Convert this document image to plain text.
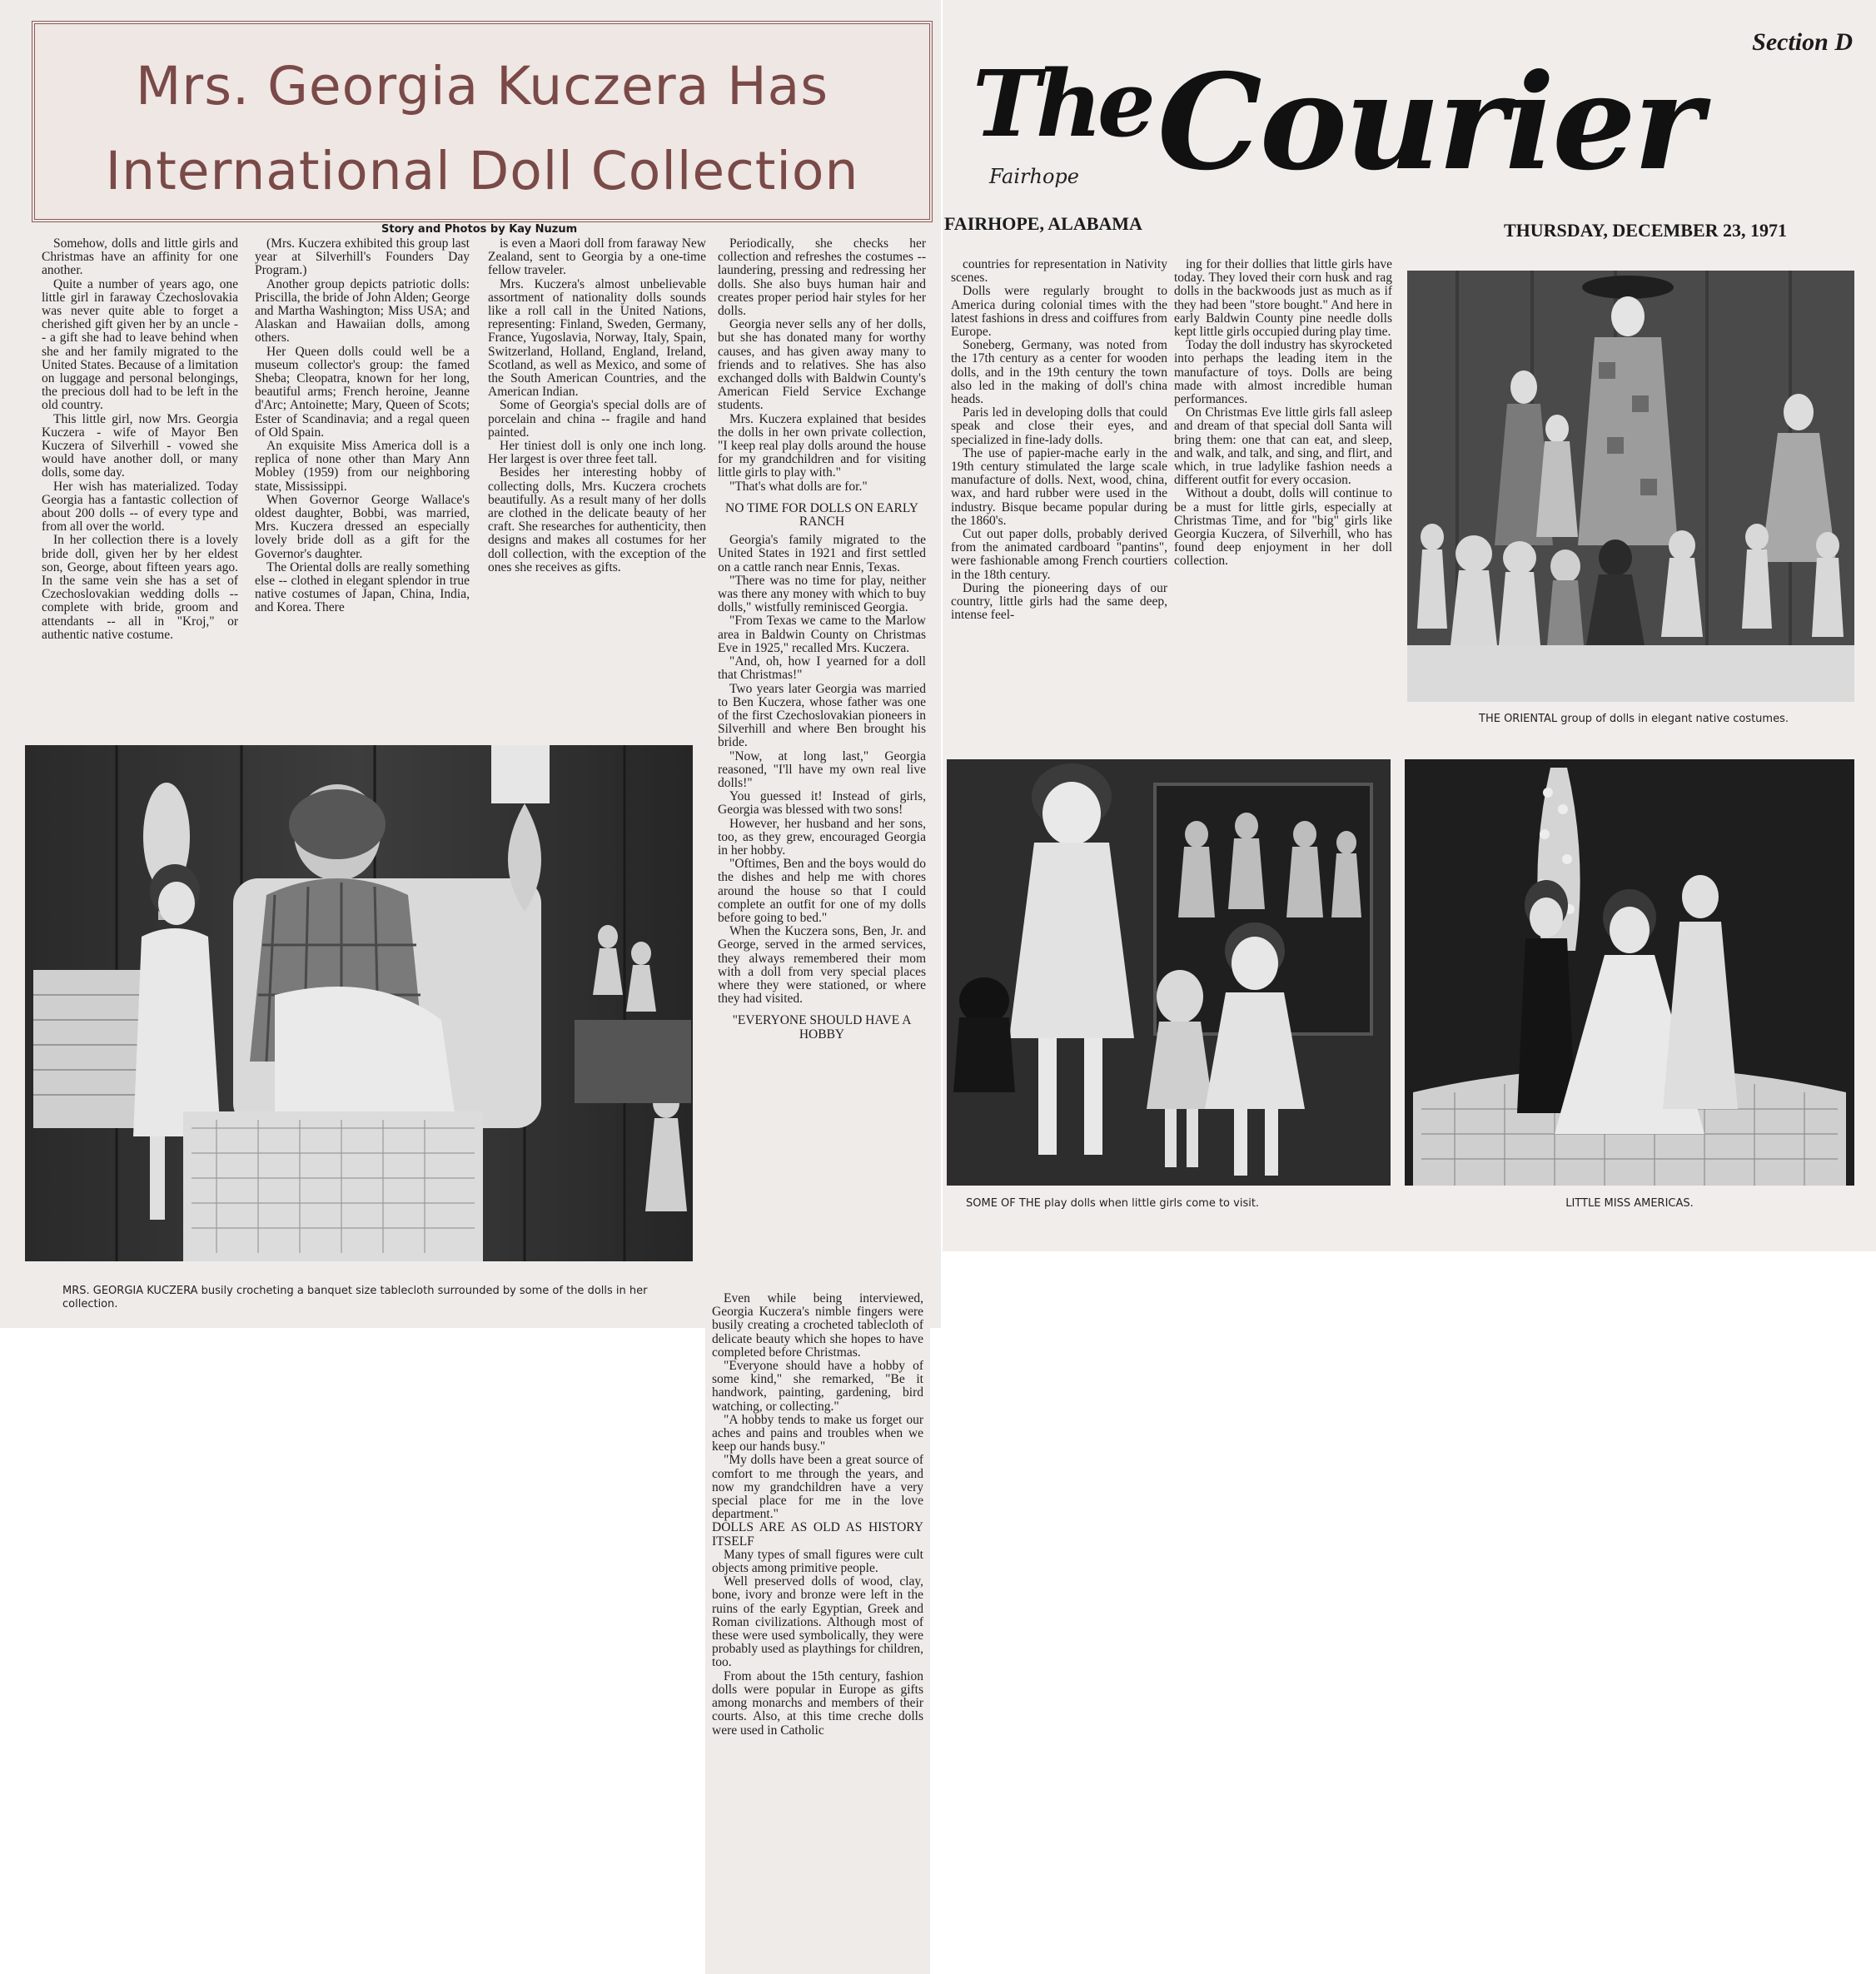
Mrs. Georgia Kuczera Has
International Doll Collection
Story and Photos by Kay Nuzum

Somehow, dolls and little girls and Christmas have an affinity for one another.

Quite a number of years ago, one little girl in faraway Czechoslovakia was never quite able to forget a cherished gift given her by an uncle -- a gift she had to leave behind when she and her family migrated to the United States. Because of a limitation on luggage and personal belongings, the precious doll had to be left in the old country.

This little girl, now Mrs. Georgia Kuczera - wife of Mayor Ben Kuczera of Silverhill - vowed she would have another doll, or many dolls, some day.

Her wish has materialized. Today Georgia has a fantastic collection of about 200 dolls -- of every type and from all over the world.

In her collection there is a lovely bride doll, given her by her eldest son, George, about fifteen years ago. In the same vein she has a set of Czechoslovakian wedding dolls -- complete with bride, groom and attendants -- all in "Kroj," or authentic native costume.

(Mrs. Kuczera exhibited this group last year at Silverhill's Founders Day Program.)

Another group depicts patriotic dolls: Priscilla, the bride of John Alden; George and Martha Washington; Miss USA; and Alaskan and Hawaiian dolls, among others.

Her Queen dolls could well be a museum collector's group: the famed Sheba; Cleopatra, known for her long, beautiful arms; French heroine, Jeanne d'Arc; Antoinette; Mary, Queen of Scots; Ester of Scandinavia; and a regal queen of Old Spain.

An exquisite Miss America doll is a replica of none other than Mary Ann Mobley (1959) from our neighboring state, Mississippi.

When Governor George Wallace's oldest daughter, Bobbi, was married, Mrs. Kuczera dressed an especially lovely bride doll as a gift for the Governor's daughter.

The Oriental dolls are really something else -- clothed in elegant splendor in true native costumes of Japan, China, India, and Korea. There

is even a Maori doll from faraway New Zealand, sent to Georgia by a one-time fellow traveler.

Mrs. Kuczera's almost unbelievable assortment of nationality dolls sounds like a roll call in the United Nations, representing: Finland, Sweden, Germany, France, Yugoslavia, Norway, Italy, Spain, Switzerland, Holland, England, Ireland, Scotland, as well as Mexico, and some of the South American Countries, and the American Indian.

Some of Georgia's special dolls are of porcelain and china -- fragile and hand painted.

Her tiniest doll is only one inch long. Her largest is over three feet tall.

Besides her interesting hobby of collecting dolls, Mrs. Kuczera crochets beautifully. As a result many of her dolls are clothed in the delicate beauty of her craft. She researches for authenticity, then designs and makes all costumes for her doll collection, with the exception of the ones she receives as gifts.

Periodically, she checks her collection and refreshes the costumes -- laundering, pressing and redressing her dolls. She also buys human hair and creates proper period hair styles for her dolls.

Georgia never sells any of her dolls, but she has donated many for worthy causes, and has given away many to friends and to relatives. She has also exchanged dolls with Baldwin County's American Field Service Exchange students.

Mrs. Kuczera explained that besides the dolls in her own private collection, "I keep real play dolls around the house for my grandchildren and for visiting little girls to play with."

"That's what dolls are for."

NO TIME FOR DOLLS ON EARLY RANCH

Georgia's family migrated to the United States in 1921 and first settled on a cattle ranch near Ennis, Texas.

"There was no time for play, neither was there any money with which to buy dolls," wistfully reminisced Georgia.

"From Texas we came to the Marlow area in Baldwin County on Christmas Eve in 1925," recalled Mrs. Kuczera.

"And, oh, how I yearned for a doll that Christmas!"

Two years later Georgia was married to Ben Kuczera, whose father was one of the first Czechoslovakian pioneers in Silverhill and where Ben brought his bride.

"Now, at long last," Georgia reasoned, "I'll have my own real live dolls!"

You guessed it! Instead of girls, Georgia was blessed with two sons!

However, her husband and her sons, too, as they grew, encouraged Georgia in her hobby.

"Oftimes, Ben and the boys would do the dishes and help me with chores around the house so that I could complete an outfit for one of my dolls before going to bed."

When the Kuczera sons, Ben, Jr. and George, served in the armed services, they always remembered their mom with a doll from very special places where they were stationed, or where they had visited.

"EVERYONE SHOULD HAVE A HOBBY

MRS. GEORGIA KUCZERA busily crocheting a banquet size tablecloth surrounded by some of the dolls in her collection.
Section D
The
Fairhope Courier
FAIRHOPE, ALABAMA	THURSDAY, DECEMBER 23, 1971

countries for representation in Nativity scenes.

Dolls were regularly brought to America during colonial times with the latest fashions in dress and coiffures from Europe.

Soneberg, Germany, was noted from the 17th century as a center for wooden dolls, and in the 19th century the town also led in the making of doll's china heads.

Paris led in developing dolls that could speak and close their eyes, and specialized in fine-lady dolls.

The use of papier-mache early in the 19th century stimulated the large scale manufacture of dolls. Next, wood, china, wax, and hard rubber were used in the industry. Bisque became popular during the 1860's.

Cut out paper dolls, probably derived from the animated cardboard "pantins", were fashionable among French courtiers in the 18th century.

During the pioneering days of our country, little girls had the same deep, intense feel-

ing for their dollies that little girls have today. They loved their corn husk and rag dolls in the backwoods just as much as if they had been "store bought." And here in early Baldwin County pine needle dolls kept little girls occupied during play time.

Today the doll industry has skyrocketed into perhaps the leading item in the manufacture of toys. Dolls are being made with almost incredible human performances.

On Christmas Eve little girls fall asleep and dream of that special doll Santa will bring them: one that can eat, and sleep, and walk, and talk, and sing, and flirt, and which, in true ladylike fashion needs a different outfit for every occasion.

Without a doubt, dolls will continue to be a must for little girls, especially at Christmas Time, and for "big" girls like Georgia Kuczera, of Silverhill, who has found deep enjoyment in her doll collection.

THE ORIENTAL group of dolls in elegant native costumes.
SOME OF THE play dolls when little girls come to visit.	LITTLE MISS AMERICAS.

Even while being interviewed, Georgia Kuczera's nimble fingers were busily creating a crocheted tablecloth of delicate beauty which she hopes to have completed before Christmas.

"Everyone should have a hobby of some kind," she remarked, "Be it handwork, painting, gardening, bird watching, or collecting."

"A hobby tends to make us forget our aches and pains and troubles when we keep our hands busy."

"My dolls have been a great source of comfort to me through the years, and now my grandchildren have a very special place for me in the love department."

DOLLS ARE AS OLD AS HISTORY ITSELF

Many types of small figures were cult objects among primitive people.

Well preserved dolls of wood, clay, bone, ivory and bronze were left in the ruins of the early Egyptian, Greek and Roman civilizations. Although most of these were used symbolically, they were probably used as playthings for children, too.

From about the 15th century, fashion dolls were popular in Europe as gifts among monarchs and members of their courts. Also, at this time creche dolls were used in Catholic
